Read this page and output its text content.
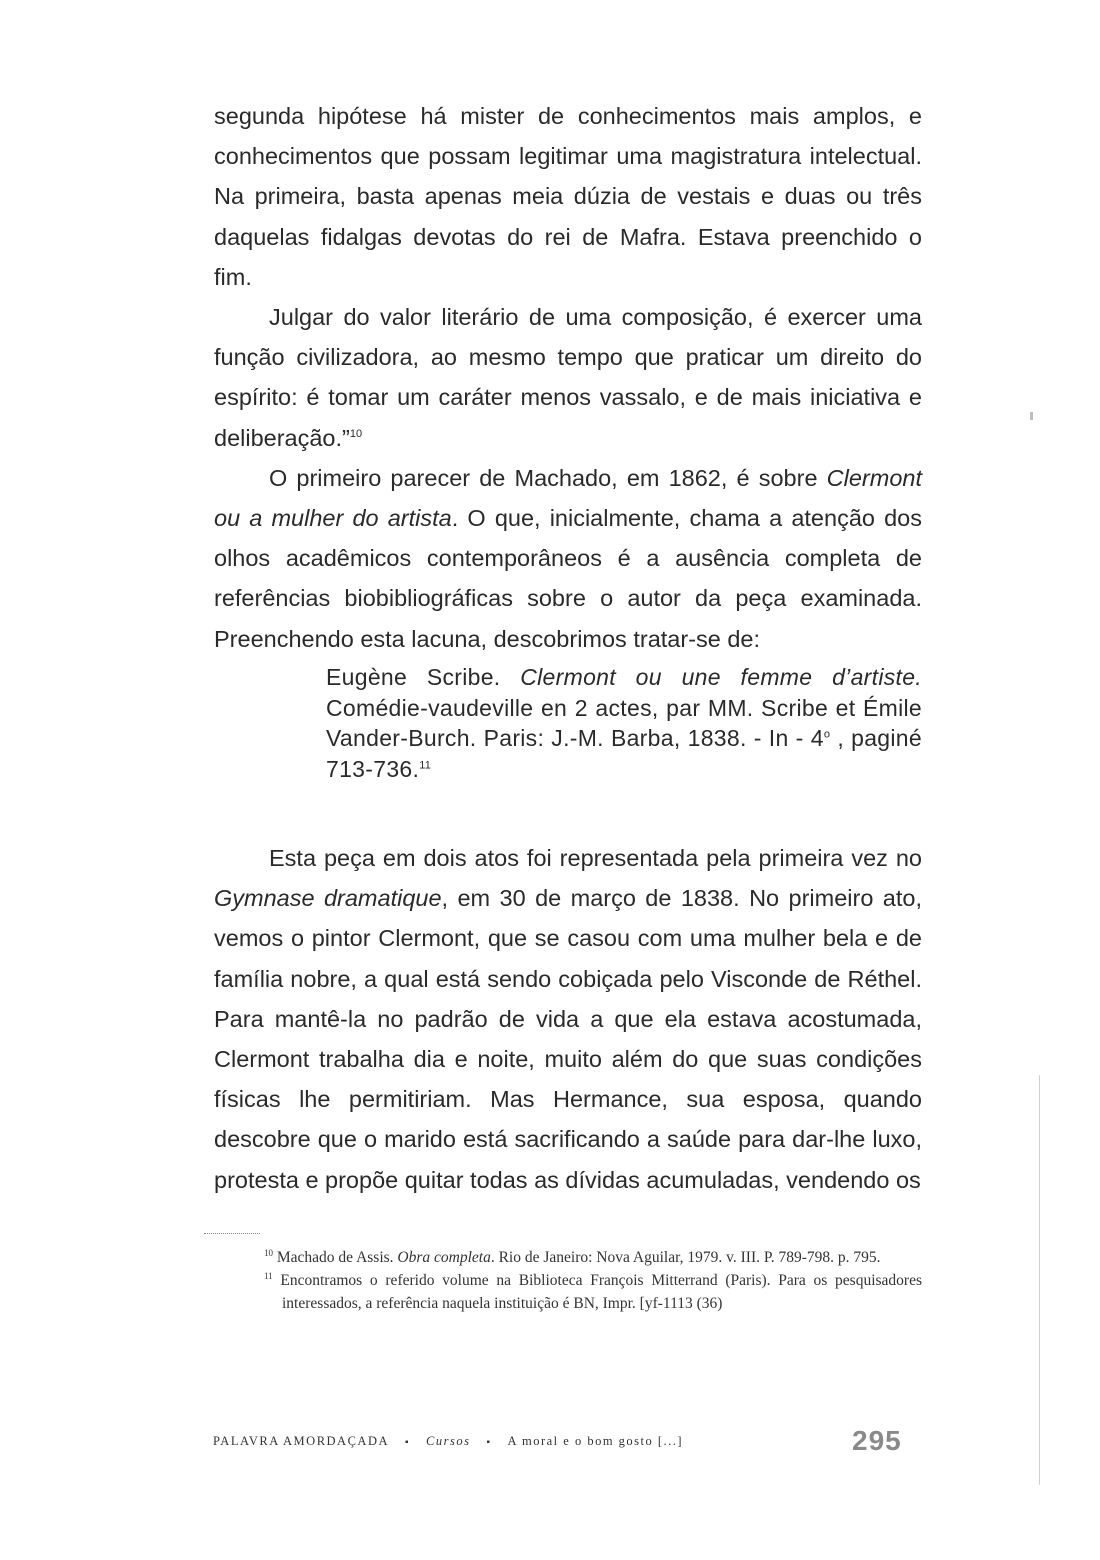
segunda hipótese há mister de conhecimentos mais amplos, e conhecimentos que possam legitimar uma magistratura intelectual. Na primeira, basta apenas meia dúzia de vestais e duas ou três daquelas fidalgas devotas do rei de Mafra. Estava preenchido o fim.

Julgar do valor literário de uma composição, é exercer uma função civilizadora, ao mesmo tempo que praticar um direito do espírito: é tomar um caráter menos vassalo, e de mais iniciativa e deliberação.”$^{10}$

O primeiro parecer de Machado, em 1862, é sobre Clermont ou a mulher do artista. O que, inicialmente, chama a atenção dos olhos acadêmicos contemporâneos é a ausência completa de referências biobibliográficas sobre o autor da peça examinada. Preenchendo esta lacuna, descobrimos tratar-se de:

Eugène Scribe. Clermont ou une femme d’artiste. Comédie-vaudeville en 2 actes, par MM. Scribe et Émile Vander-Burch. Paris: J.-M. Barba, 1838. - In - 4$^o$ , paginé 713-736.11

Esta peça em dois atos foi representada pela primeira vez no Gymnase dramatique, em 30 de março de 1838. No primeiro ato, vemos o pintor Clermont, que se casou com uma mulher bela e de família nobre, a qual está sendo cobiçada pelo Visconde de Réthel. Para mantê-la no padrão de vida a que ela estava acostumada, Clermont trabalha dia e noite, muito além do que suas condições físicas lhe permitiriam. Mas Hermance, sua esposa, quando descobre que o marido está sacrificando a saúde para dar-lhe luxo, protesta e propõe quitar todas as dívidas acumuladas, vendendo os

$^{10}$ Machado de Assis. Obra completa. Rio de Janeiro: Nova Aguilar, 1979. v. III. P. 789-798. p. 795.

$^{11}$ Encontramos o referido volume na Biblioteca François Mitterrand (Paris). Para os pesquisadores interessados, a referência naquela instituição é BN, Impr. [yf-1113 (36)

PALAVRA AMORDAÇADA ▪ Cursos ▪ A moral e o bom gosto [...]	295
